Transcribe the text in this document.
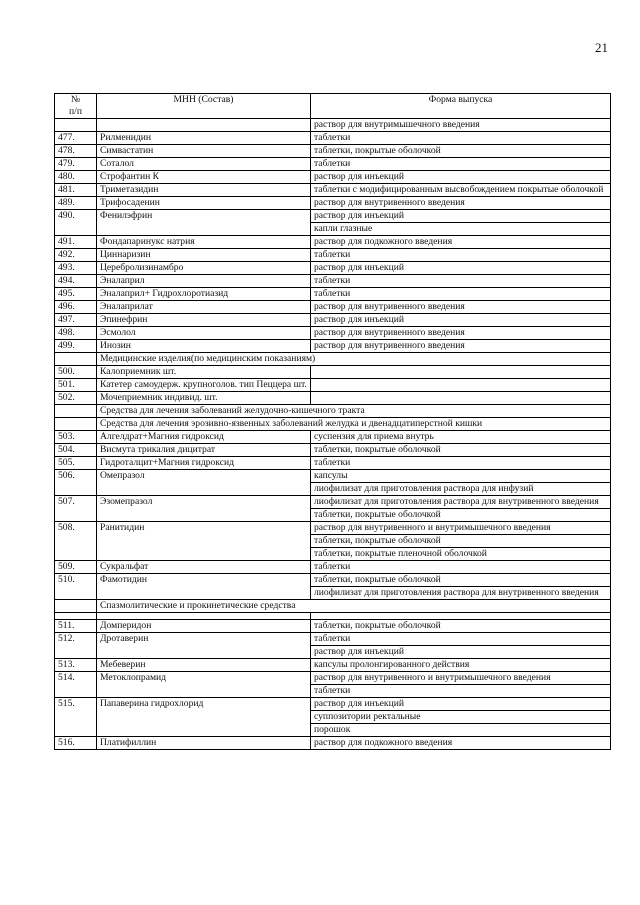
21
№
п/п	МНН (Состав)	Форма выпуска
		раствор для внутримышечного введения
477.	Рилменидин	таблетки
478.	Симвастатин	таблетки, покрытые оболочкой
479.	Соталол	таблетки
480.	Строфантин К	раствор для инъекций
481.	Триметазидин	таблетки с модифицированным высвобождением покрытые оболочкой
489.	Трифосаденин	раствор для внутривенного введения
490.	Фенилэфрин	раствор для инъекций
		капли глазные
491.	Фондапаринукс натрия	раствор для подкожного введения
492.	Циннаризин	таблетки
493.	Церебролизинамбро	раствор для инъекций
494.	Эналаприл	таблетки
495.	Эналаприл+ Гидрохлоротиазид	таблетки
496.	Эналаприлат	раствор для внутривенного введения
497.	Эпинефрин	раствор для инъекций
498.	Эсмолол	раствор для внутривенного введения
499.	Инозин	раствор для внутривенного введения
	Медицинские изделия(по медицинским показаниям)	
500.	Калоприемник шт.	
501.	Катетер самоудерж. крупноголов. тип Пеццера шт.	
502.	Мочеприемник индивид. шт.	
	Средства для лечения заболеваний желудочно-кишечного тракта	
	Средства для лечения эрозивно-язвенных заболеваний желудка и двенадцатиперстной кишки	
503.	Алгелдрат+Магния гидроксид	суспензия для приема внутрь
504.	Висмута трикалия дицитрат	таблетки, покрытые оболочкой
505.	Гидроталцит+Магния гидроксид	таблетки
506.	Омепразол	капсулы
		лиофилизат для приготовления раствора для инфузий
507.	Эзомепразол	лиофилизат для приготовления раствора для внутривенного введения
		таблетки, покрытые оболочкой
508.	Ранитидин	раствор для внутривенного и внутримышечного введения
		таблетки, покрытые оболочкой
		таблетки, покрытые пленочной оболочкой
509.	Сукральфат	таблетки
510.	Фамотидин	таблетки, покрытые оболочкой
		лиофилизат для приготовления раствора для внутривенного введения
	Спазмолитические и прокинетические средства	

511.	Домперидон	таблетки, покрытые оболочкой
512.	Дротаверин	таблетки
		раствор для инъекций
513.	Мебеверин	капсулы пролонгированного действия
514.	Метоклопрамид	раствор для внутривенного и внутримышечного введения
		таблетки
515.	Папаверина гидрохлорид	раствор для инъекций
		суппозитории ректальные
		порошок
516.	Платифиллин	раствор для подкожного введения
